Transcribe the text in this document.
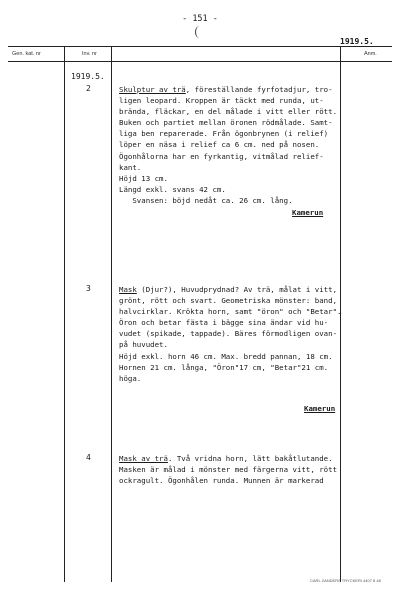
- 151 -
1919.5.
Gen. kat. nr	Inv. nr	Anm.
1919.5.
2	Skulptur av trä, föreställande fyrfotadjur, tro-
ligen leopard. Kroppen är täckt med runda, ut-
brända, fläckar, en del målade i vitt eller rött.
Buken och partiet mellan öronen rödmålade. Samt-
liga ben reparerade. Från ögonbrynen (i relief)
löper en näsa i relief ca 6 cm. ned på nosen.
Ögonhålorna har en fyrkantig, vitmålad relief-
kant.
Höjd 13 cm.
Längd exkl. svans 42 cm.
Svansen: böjd nedåt ca. 26 cm. lång.
Kamerun
3	Mask (Djur?), Huvudprydnad? Av trä, målat i vitt,
grönt, rött och svart. Geometriska mönster: band,
halvcirklar. Krökta horn, samt "öron" och "Betar".
Öron och betar fästa i bägge sina ändar vid hu-
vudet (spikade, tappade). Bäres förmodligen ovan-
på huvudet.
Höjd exkl. horn 46 cm. Max. bredd pannan, 18 cm.
Hornen 21 cm. långa, "Öron"17 cm, "Betar"21 cm.
höga.
Kamerun
4	Mask av trä. Två vridna horn, lätt bakåtlutande.
Masken är målad i mönster med färgerna vitt, rött
ockragult. Ögonhålen runda. Munnen är markerad
CARL ZANDERS TRYCKERI 4407 8 48
